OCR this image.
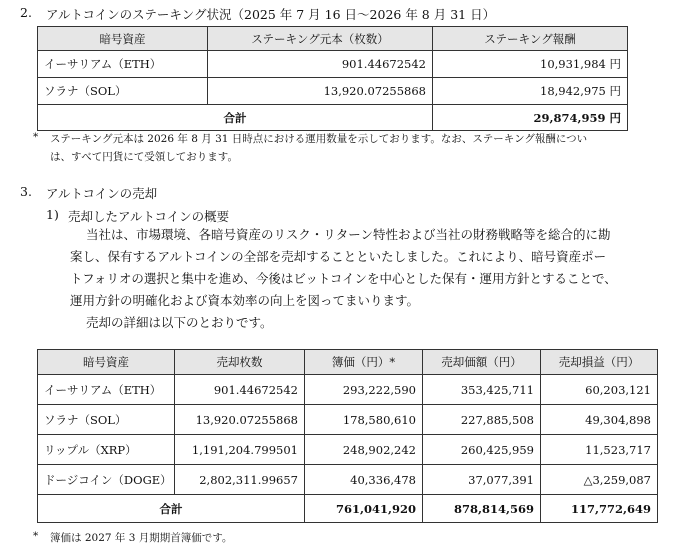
2. アルトコインのステーキング状況（2025 年 7 月 16 日～2026 年 8 月 31 日）
暗号資産	ステーキング元本（枚数）	ステーキング報酬
イーサリアム（ETH）	901.44672542	10,931,984 円
ソラナ（SOL）	13,920.07255868	18,942,975 円
合計		29,874,959 円
* ステーキング元本は 2026 年 8 月 31 日時点における運用数量を示しております。なお、ステーキング報酬につい
は、すべて円貨にて受領しております。
3. アルトコインの売却
1) 売却したアルトコインの概要
当社は、市場環境、各暗号資産のリスク・リターン特性および当社の財務戦略等を総合的に勘
案し、保有するアルトコインの全部を売却することといたしました。これにより、暗号資産ポー
トフォリオの選択と集中を進め、今後はビットコインを中心とした保有・運用方針とすることで、
運用方針の明確化および資本効率の向上を図ってまいります。
売却の詳細は以下のとおりです。
暗号資産	売却枚数	簿価（円）*	売却価額（円）	売却損益（円）
イーサリアム（ETH）	901.44672542	293,222,590	353,425,711	60,203,121
ソラナ（SOL）	13,920.07255868	178,580,610	227,885,508	49,304,898
リップル（XRP）	1,191,204.799501	248,902,242	260,425,959	11,523,717
ドージコイン（DOGE）	2,802,311.99657	40,336,478	37,077,391	△3,259,087
合計		761,041,920	878,814,569	117,772,649
* 簿価は 2027 年 3 月期期首簿価です。
